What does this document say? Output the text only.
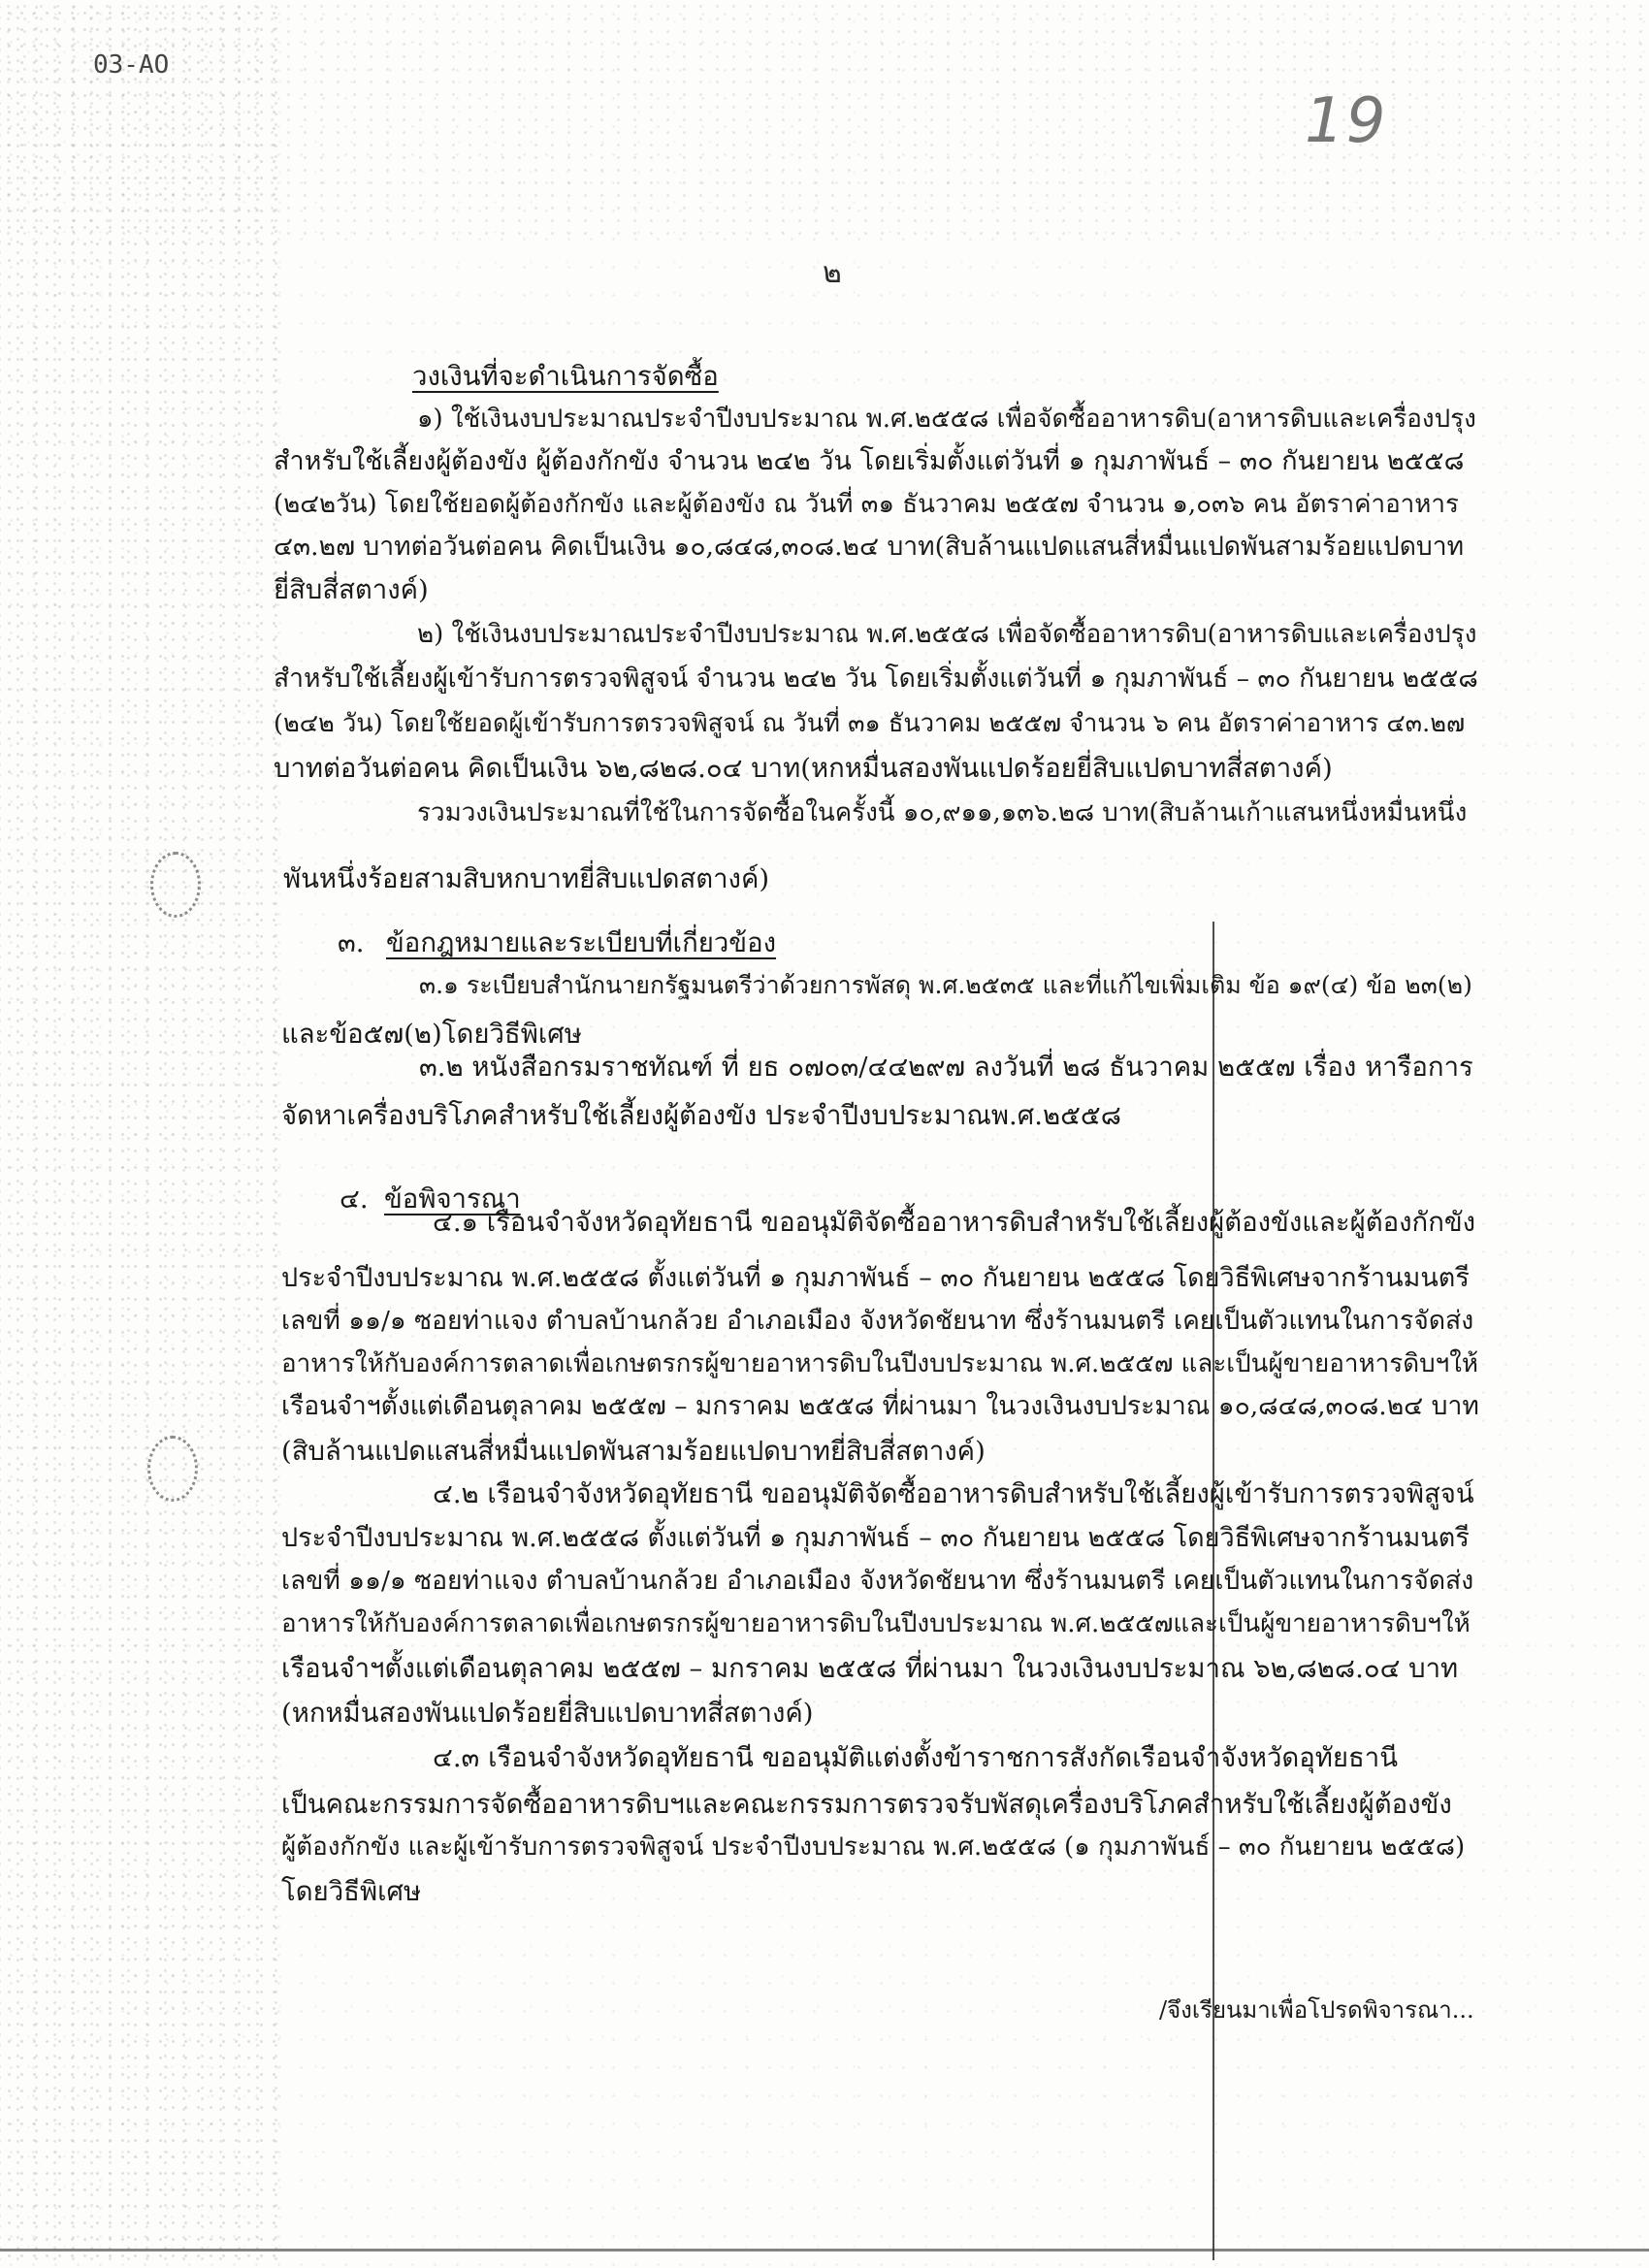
03-AO
19
๒
วงเงินที่จะดำเนินการจัดซื้อ
๑) ใช้เงินงบประมาณประจำปีงบประมาณ พ.ศ.๒๕๕๘ เพื่อจัดซื้ออาหารดิบ(อาหารดิบและเครื่องปรุง
สำหรับใช้เลี้ยงผู้ต้องขัง ผู้ต้องกักขัง จำนวน ๒๔๒ วัน โดยเริ่มตั้งแต่วันที่ ๑ กุมภาพันธ์ – ๓๐ กันยายน ๒๕๕๘
(๒๔๒วัน) โดยใช้ยอดผู้ต้องกักขัง และผู้ต้องขัง ณ วันที่ ๓๑ ธันวาคม ๒๕๕๗ จำนวน ๑,๐๓๖ คน อัตราค่าอาหาร
๔๓.๒๗ บาทต่อวันต่อคน คิดเป็นเงิน ๑๐,๘๔๘,๓๐๘.๒๔ บาท(สิบล้านแปดแสนสี่หมื่นแปดพันสามร้อยแปดบาท
ยี่สิบสี่สตางค์)
๒) ใช้เงินงบประมาณประจำปีงบประมาณ พ.ศ.๒๕๕๘ เพื่อจัดซื้ออาหารดิบ(อาหารดิบและเครื่องปรุง
สำหรับใช้เลี้ยงผู้เข้ารับการตรวจพิสูจน์ จำนวน ๒๔๒ วัน โดยเริ่มตั้งแต่วันที่ ๑ กุมภาพันธ์ – ๓๐ กันยายน ๒๕๕๘
(๒๔๒ วัน) โดยใช้ยอดผู้เข้ารับการตรวจพิสูจน์ ณ วันที่ ๓๑ ธันวาคม ๒๕๕๗ จำนวน ๖ คน อัตราค่าอาหาร ๔๓.๒๗
บาทต่อวันต่อคน คิดเป็นเงิน ๖๒,๘๒๘.๐๔ บาท(หกหมื่นสองพันแปดร้อยยี่สิบแปดบาทสี่สตางค์)
รวมวงเงินประมาณที่ใช้ในการจัดซื้อในครั้งนี้ ๑๐,๙๑๑,๑๓๖.๒๘ บาท(สิบล้านเก้าแสนหนึ่งหมื่นหนึ่ง
พันหนึ่งร้อยสามสิบหกบาทยี่สิบแปดสตางค์)
๓. ข้อกฎหมายและระเบียบที่เกี่ยวข้อง
๓.๑ ระเบียบสำนักนายกรัฐมนตรีว่าด้วยการพัสดุ พ.ศ.๒๕๓๕ และที่แก้ไขเพิ่มเติม ข้อ ๑๙(๔) ข้อ ๒๓(๒)
และข้อ๕๗(๒)โดยวิธีพิเศษ
๓.๒ หนังสือกรมราชทัณฑ์ ที่ ยธ ๐๗๐๓/๔๔๒๙๗ ลงวันที่ ๒๘ ธันวาคม ๒๕๕๗ เรื่อง หารือการ
จัดหาเครื่องบริโภคสำหรับใช้เลี้ยงผู้ต้องขัง ประจำปีงบประมาณพ.ศ.๒๕๕๘
๔. ข้อพิจารณา
๔.๑ เรือนจำจังหวัดอุทัยธานี ขออนุมัติจัดซื้ออาหารดิบสำหรับใช้เลี้ยงผู้ต้องขังและผู้ต้องกักขัง
ประจำปีงบประมาณ พ.ศ.๒๕๕๘ ตั้งแต่วันที่ ๑ กุมภาพันธ์ – ๓๐ กันยายน ๒๕๕๘ โดยวิธีพิเศษจากร้านมนตรี
เลขที่ ๑๑/๑ ซอยท่าแจง ตำบลบ้านกล้วย อำเภอเมือง จังหวัดชัยนาท ซึ่งร้านมนตรี เคยเป็นตัวแทนในการจัดส่ง
อาหารให้กับองค์การตลาดเพื่อเกษตรกรผู้ขายอาหารดิบในปีงบประมาณ พ.ศ.๒๕๕๗ และเป็นผู้ขายอาหารดิบฯให้
เรือนจำฯตั้งแต่เดือนตุลาคม ๒๕๕๗ – มกราคม ๒๕๕๘ ที่ผ่านมา ในวงเงินงบประมาณ ๑๐,๘๔๘,๓๐๘.๒๔ บาท
(สิบล้านแปดแสนสี่หมื่นแปดพันสามร้อยแปดบาทยี่สิบสี่สตางค์)
๔.๒ เรือนจำจังหวัดอุทัยธานี ขออนุมัติจัดซื้ออาหารดิบสำหรับใช้เลี้ยงผู้เข้ารับการตรวจพิสูจน์
ประจำปีงบประมาณ พ.ศ.๒๕๕๘ ตั้งแต่วันที่ ๑ กุมภาพันธ์ – ๓๐ กันยายน ๒๕๕๘ โดยวิธีพิเศษจากร้านมนตรี
เลขที่ ๑๑/๑ ซอยท่าแจง ตำบลบ้านกล้วย อำเภอเมือง จังหวัดชัยนาท ซึ่งร้านมนตรี เคยเป็นตัวแทนในการจัดส่ง
อาหารให้กับองค์การตลาดเพื่อเกษตรกรผู้ขายอาหารดิบในปีงบประมาณ พ.ศ.๒๕๕๗และเป็นผู้ขายอาหารดิบฯให้
เรือนจำฯตั้งแต่เดือนตุลาคม ๒๕๕๗ – มกราคม ๒๕๕๘ ที่ผ่านมา ในวงเงินงบประมาณ ๖๒,๘๒๘.๐๔ บาท
(หกหมื่นสองพันแปดร้อยยี่สิบแปดบาทสี่สตางค์)
๔.๓ เรือนจำจังหวัดอุทัยธานี ขออนุมัติแต่งตั้งข้าราชการสังกัดเรือนจำจังหวัดอุทัยธานี
เป็นคณะกรรมการจัดซื้ออาหารดิบฯและคณะกรรมการตรวจรับพัสดุเครื่องบริโภคสำหรับใช้เลี้ยงผู้ต้องขัง
ผู้ต้องกักขัง และผู้เข้ารับการตรวจพิสูจน์ ประจำปีงบประมาณ พ.ศ.๒๕๕๘ (๑ กุมภาพันธ์ – ๓๐ กันยายน ๒๕๕๘)
โดยวิธีพิเศษ
/จึงเรียนมาเพื่อโปรดพิจารณา...
